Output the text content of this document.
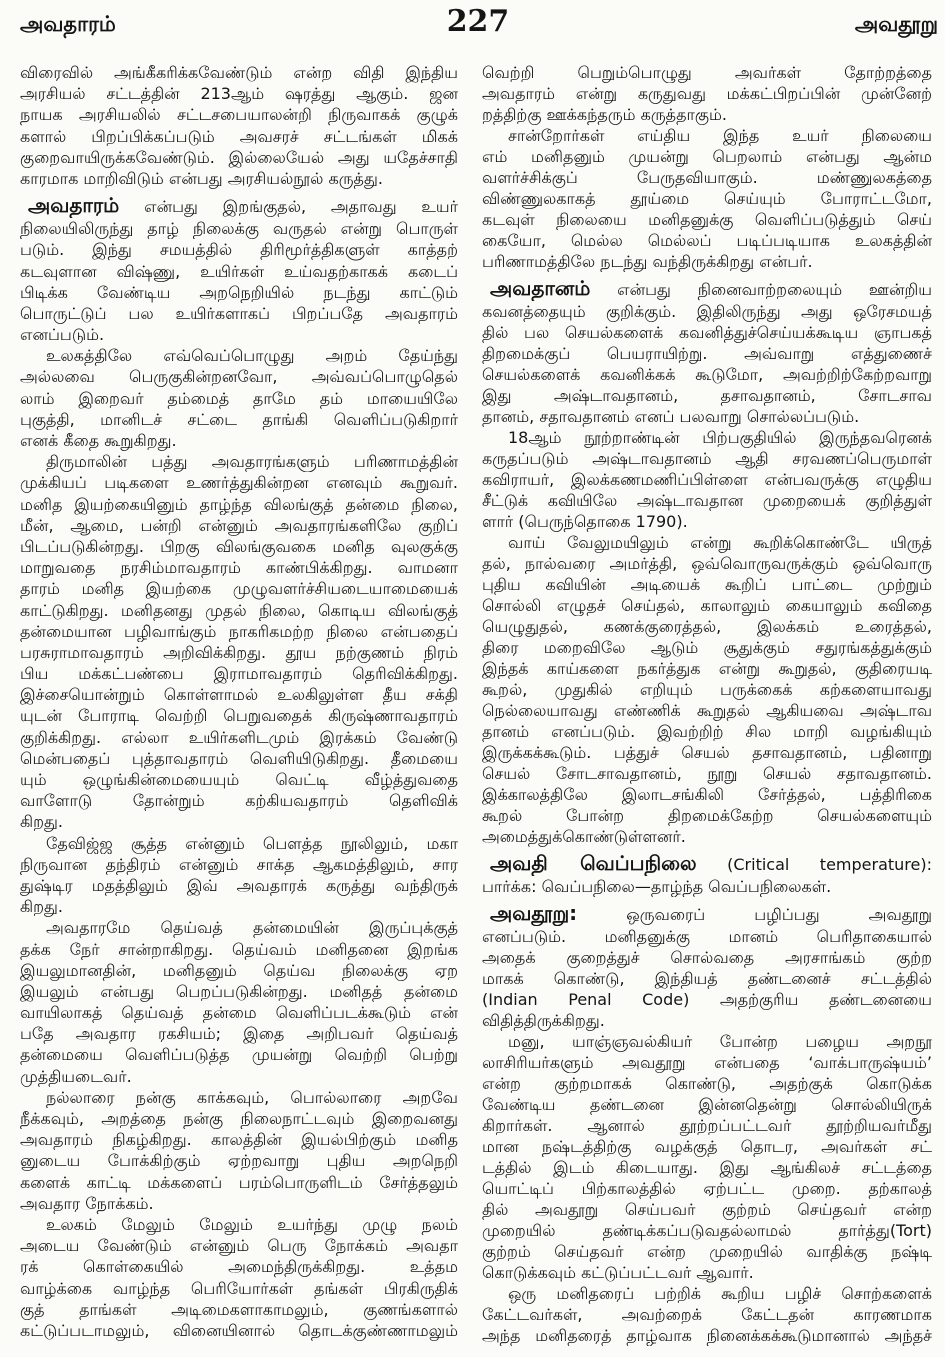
அவதாரம்	227	அவதூறு
விரைவில் அங்கீகரிக்கவேண்டும் என்ற விதி இந்திய
அரசியல் சட்டத்தின் 213ஆம் ஷரத்து ஆகும். ஜன
நாயக அரசியலில் சட்டசபையாலன்றி நிருவாகக் குழுக்
களால் பிறப்பிக்கப்படும் அவசரச் சட்டங்கள் மிகக்
குறைவாயிருக்கவேண்டும். இல்லையேல் அது யதேச்சாதி
காரமாக மாறிவிடும் என்பது அரசியல்நூல் கருத்து.
அவதாரம் என்பது இறங்குதல், அதாவது உயர்
நிலையிலிருந்து தாழ் நிலைக்கு வருதல் என்று பொருள்
படும். இந்து சமயத்தில் திரிமூர்த்திகளுள் காத்தற்
கடவுளான விஷ்ணு, உயிர்கள் உய்வதற்காகக் கடைப்
பிடிக்க வேண்டிய அறநெறியில் நடந்து காட்டும்
பொருட்டுப் பல உயிர்களாகப் பிறப்பதே அவதாரம்
எனப்படும்.
உலகத்திலே எவ்வெப்பொழுது அறம் தேய்ந்து
அல்லவை பெருகுகின்றனவோ, அவ்வப்பொழுதெல்
லாம் இறைவர் தம்மைத் தாமே தம் மாயையிலே
புகுத்தி, மானிடச் சட்டை தாங்கி வெளிப்படுகிறார்
எனக் கீதை கூறுகிறது.
திருமாலின் பத்து அவதாரங்களும் பரிணாமத்தின்
முக்கியப் படிகளை உணர்த்துகின்றன எனவும் கூறுவர்.
மனித இயற்கையினும் தாழ்ந்த விலங்குத் தன்மை நிலை,
மீன், ஆமை, பன்றி என்னும் அவதாரங்களிலே குறிப்
பிடப்படுகின்றது. பிறகு விலங்குவகை மனித வுலகுக்கு
மாறுவதை நரசிம்மாவதாரம் காண்பிக்கிறது. வாமனா
தாரம் மனித இயற்கை முழுவளர்ச்சியடையாமையைக்
காட்டுகிறது. மனிதனது முதல் நிலை, கொடிய விலங்குத்
தன்மையான பழிவாங்கும் நாகரிகமற்ற நிலை என்பதைப்
பரசுராமாவதாரம் அறிவிக்கிறது. தூய நற்குணம் நிரம்
பிய மக்கட்பண்பை இராமாவதாரம் தெரிவிக்கிறது.
இச்சையொன்றும் கொள்ளாமல் உலகிலுள்ள தீய சக்தி
யுடன் போராடி வெற்றி பெறுவதைக் கிருஷ்ணாவதாரம்
குறிக்கிறது. எல்லா உயிர்களிடமும் இரக்கம் வேண்டு
மென்பதைப் புத்தாவதாரம் வெளியிடுகிறது. தீமையை
யும் ஒழுங்கின்மையையும் வெட்டி வீழ்த்துவதை
வாளோடு தோன்றும் கற்கியவதாரம் தெளிவிக்
கிறது.
தேவிஜ்ஜ சூத்த என்னும் பௌத்த நூலிலும், மகா
நிருவான தந்திரம் என்னும் சாக்த ஆகமத்திலும், சார
துஷ்டிர மதத்திலும் இவ் அவதாரக் கருத்து வந்திருக்
கிறது.
அவதாரமே தெய்வத் தன்மையின் இருப்புக்குத்
தக்க நேர் சான்றாகிறது. தெய்வம் மனிதனை இறங்க
இயலுமானதின், மனிதனும் தெய்வ நிலைக்கு ஏற
இயலும் என்பது பெறப்படுகின்றது. மனிதத் தன்மை
வாயிலாகத் தெய்வத் தன்மை வெளிப்படக்கூடும் என்
பதே அவதார ரகசியம்; இதை அறிபவர் தெய்வத்
தன்மையை வெளிப்படுத்த முயன்று வெற்றி பெற்று
முத்தியடைவர்.
நல்லாரை நன்கு காக்கவும், பொல்லாரை அறவே
நீக்கவும், அறத்தை நன்கு நிலைநாட்டவும் இறைவனது
அவதாரம் நிகழ்கிறது. காலத்தின் இயல்பிற்கும் மனித
னுடைய போக்கிற்கும் ஏற்றவாறு புதிய அறநெறி
களைக் காட்டி மக்களைப் பரம்பொருளிடம் சேர்த்தலும்
அவதார நோக்கம்.
உலகம் மேலும் மேலும் உயர்ந்து முழு நலம்
அடைய வேண்டும் என்னும் பெரு நோக்கம் அவதா
ரக் கொள்கையில் அமைந்திருக்கிறது. உத்தம
வாழ்க்கை வாழ்ந்த பெரியோர்கள் தங்கள் பிரகிருதிக்
குத் தாங்கள் அடிமைகளாகாமலும், குணங்களால்
கட்டுப்படாமலும், வினையினால் தொடக்குண்ணாமலும்
வெற்றி பெறும்பொழுது அவர்கள் தோற்றத்தை
அவதாரம் என்று கருதுவது மக்கட்பிறப்பின் முன்னேற்
றத்திற்கு ஊக்கந்தரும் கருத்தாகும்.
சான்றோர்கள் எய்திய இந்த உயர் நிலையை
எம் மனிதனும் முயன்று பெறலாம் என்பது ஆன்ம
வளர்ச்சிக்குப் பேருதவியாகும். மண்ணுலகத்தை
விண்ணுலகாகத் தூய்மை செய்யும் போராட்டமோ,
கடவுள் நிலையை மனிதனுக்கு வெளிப்படுத்தும் செய்
கையோ, மெல்ல மெல்லப் படிப்படியாக உலகத்தின்
பரிணாமத்திலே நடந்து வந்திருக்கிறது என்பர்.
அவதானம் என்பது நினைவாற்றலையும் ஊன்றிய
கவனத்தையும் குறிக்கும். இதிலிருந்து அது ஒரேசமயத்
தில் பல செயல்களைக் கவனித்துச்செய்யக்கூடிய ஞாபகத்
திறமைக்குப் பெயராயிற்று. அவ்வாறு எத்துணைச்
செயல்களைக் கவனிக்கக் கூடுமோ, அவற்றிற்கேற்றவாறு
இது அஷ்டாவதானம், தசாவதானம், சோடசாவ
தானம், சதாவதானம் எனப் பலவாறு சொல்லப்படும்.
18ஆம் நூற்றாண்டின் பிற்பகுதியில் இருந்தவரெனக்
கருதப்படும் அஷ்டாவதானம் ஆதி சரவணப்பெருமாள்
கவிராயர், இலக்கணமணிப்பிள்ளை என்பவருக்கு எழுதிய
சீட்டுக் கவியிலே அஷ்டாவதான முறையைக் குறித்துள்
ளார் (பெருந்தொகை 1790).
வாய் வேலுமயிலும் என்று கூறிக்கொண்டே யிருத்
தல், நால்வரை அமர்த்தி, ஒவ்வொருவருக்கும் ஒவ்வொரு
புதிய கவியின் அடியைக் கூறிப் பாட்டை முற்றும்
சொல்லி எழுதச் செய்தல், காலாலும் கையாலும் கவிதை
யெழுதுதல், கணக்குரைத்தல், இலக்கம் உரைத்தல்,
திரை மறைவிலே ஆடும் சூதுக்கும் சதுரங்கத்துக்கும்
இந்தக் காய்களை நகர்த்துக என்று கூறுதல், குதிரையடி
கூறல், முதுகில் எறியும் பருக்கைக் கற்களையாவது
நெல்லையாவது எண்ணிக் கூறுதல் ஆகியவை அஷ்டாவ
தானம் எனப்படும். இவற்றிற் சில மாறி வழங்கியும்
இருக்கக்கூடும். பத்துச் செயல் தசாவதானம், பதினாறு
செயல் சோடசாவதானம், நூறு செயல் சதாவதானம்.
இக்காலத்திலே இலாடசங்கிலி சேர்த்தல், பத்திரிகை
கூறல் போன்ற திறமைக்கேற்ற செயல்களையும்
அமைத்துக்கொண்டுள்ளனர்.
அவதி வெப்பநிலை (Critical temperature):
பார்க்க: வெப்பநிலை—தாழ்ந்த வெப்பநிலைகள்.
அவதூறு:	ஒருவரைப் பழிப்பது அவதூறு
எனப்படும். மனிதனுக்கு மானம் பெரிதாகையால்
அதைக் குறைத்துச் சொல்வதை அரசாங்கம் குற்ற
மாகக் கொண்டு, இந்தியத் தண்டனைச் சட்டத்தில்
(Indian Penal Code) அதற்குரிய தண்டனையை
விதித்திருக்கிறது.
மனு, யாஞ்ஞவல்கியர் போன்ற பழைய அறநூ
லாசிரியர்களும் அவதூறு என்பதை ‘வாக்பாருஷ்யம்’
என்ற குற்றமாகக் கொண்டு, அதற்குக் கொடுக்க
வேண்டிய தண்டனை இன்னதென்று சொல்லியிருக்
கிறார்கள். ஆனால் தூற்றப்பட்டவர் தூற்றியவர்மீது
மான நஷ்டத்திற்கு வழக்குத் தொடர, அவர்கள் சட்
டத்தில் இடம் கிடையாது. இது ஆங்கிலச் சட்டத்தை
யொட்டிப் பிற்காலத்தில் ஏற்பட்ட முறை. தற்காலத்
தில் அவதூறு செய்பவர் குற்றம் செய்தவர் என்ற
முறையில் தண்டிக்கப்படுவதல்லாமல் தார்த்து(Tort)
குற்றம் செய்தவர் என்ற முறையில் வாதிக்கு நஷ்டி
கொடுக்கவும் கட்டுப்பட்டவர் ஆவார்.
ஒரு மனிதரைப் பற்றிக் கூறிய பழிச் சொற்களைக்
கேட்டவர்கள், அவற்றைக் கேட்டதன் காரணமாக
அந்த மனிதரைத் தாழ்வாக நினைக்கக்கூடுமானால் அந்தச்
